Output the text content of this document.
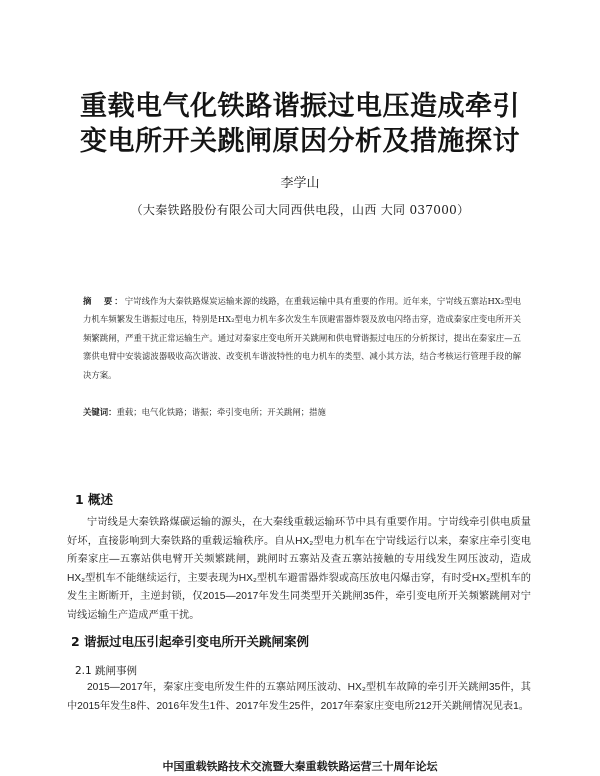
重载电气化铁路谐振过电压造成牵引
变电所开关跳闸原因分析及措施探讨
李学山
（大秦铁路股份有限公司大同西供电段，山西 大同 037000）
摘　要：宁岢线作为大秦铁路煤炭运输来源的线路，在重载运输中具有重要的作用。近年来，宁岢线五寨站HX₂型电力机车频繁发生谐振过电压，特别是HX₂型电力机车多次发生车顶避雷器炸裂及放电闪络击穿，造成秦家庄变电所开关频繁跳闸，严重干扰正常运输生产。通过对秦家庄变电所开关跳闸和供电臂谐振过电压的分析探讨，提出在秦家庄—五寨供电臂中安装滤波器吸收高次谐波、改变机车谐波特性的电力机车的类型、减小其方法，结合考核运行管理手段的解决方案。
关键词：重载；电气化铁路；谐振；牵引变电所；开关跳闸；措施
1 概述
宁岢线是大秦铁路煤碳运输的源头，在大秦线重载运输环节中具有重要作用。宁岢线牵引供电质量好坏，直接影响到大秦铁路的重载运输秩序。自从HX₂型电力机车在宁岢线运行以来，秦家庄牵引变电所秦家庄—五寨站供电臂开关频繁跳闸，跳闸时五寨站及查五寨站接触的专用线发生网压波动，造成HX₂型机车不能继续运行，主要表现为HX₂型机车避雷器炸裂或高压放电闪爆击穿，有时受HX₂型机车的发生主断断开，主逆封锁，仅2015—2017年发生同类型开关跳闸35件，牵引变电所开关频繁跳闸对宁岢线运输生产造成严重干扰。
2 谐振过电压引起牵引变电所开关跳闸案例
2.1 跳闸事例
2015—2017年，秦家庄变电所发生件的五寨站网压波动、HX₂型机车故障的牵引开关跳闸35件，其中2015年发生8件、2016年发生1件、2017年发生25件，2017年秦家庄变电所212开关跳闸情况见表1。
中国重载铁路技术交流暨大秦重载铁路运营三十周年论坛
